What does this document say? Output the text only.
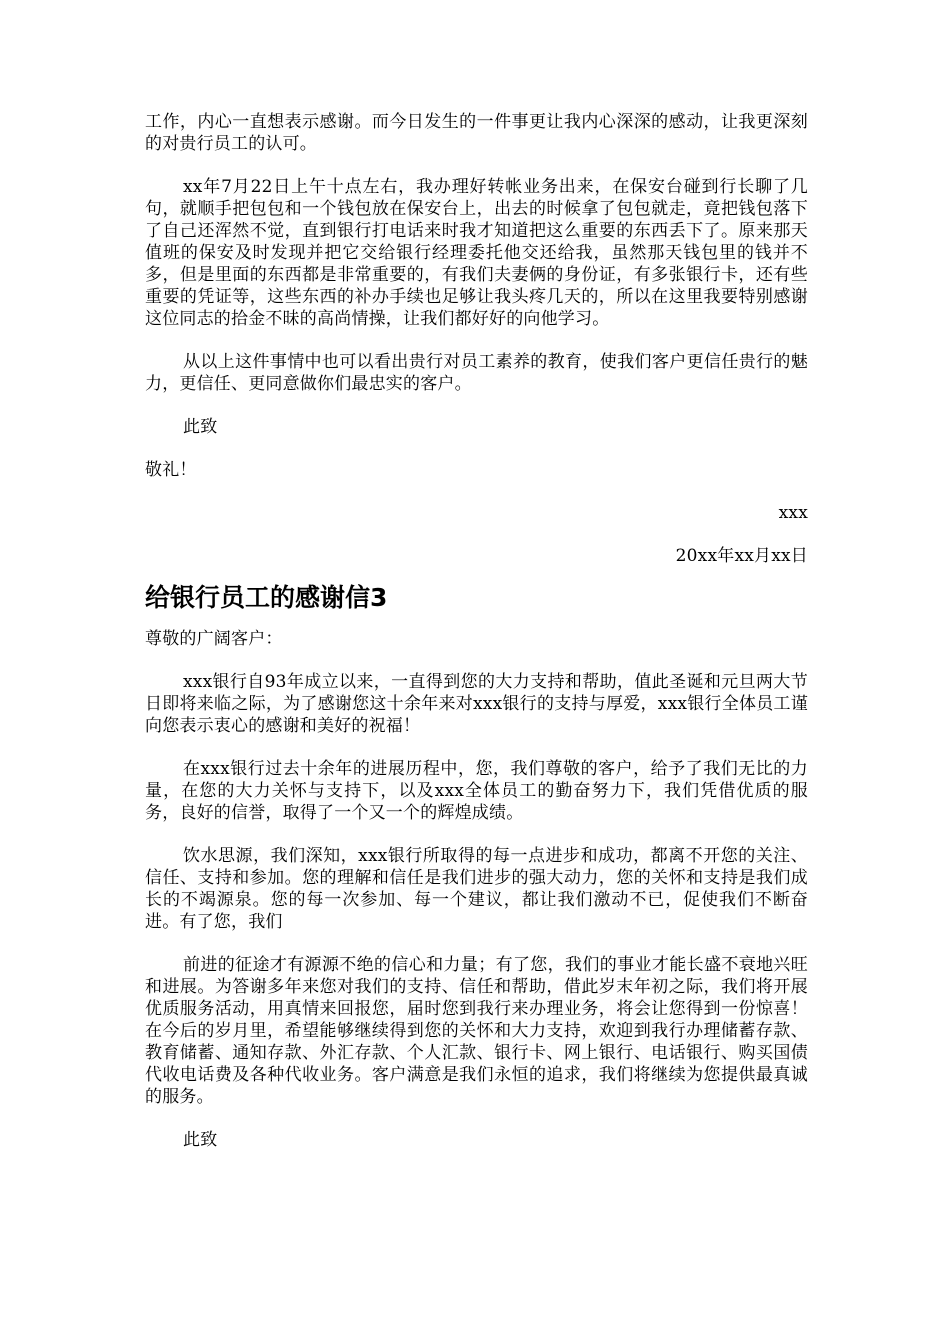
工作，内心一直想表示感谢。而今日发生的一件事更让我内心深深的感动，让我更深刻的对贵行员工的认可。

xx年7月22日上午十点左右，我办理好转帐业务出来，在保安台碰到行长聊了几句，就顺手把包包和一个钱包放在保安台上，出去的时候拿了包包就走，竟把钱包落下了自己还浑然不觉，直到银行打电话来时我才知道把这么重要的东西丢下了。原来那天值班的保安及时发现并把它交给银行经理委托他交还给我，虽然那天钱包里的钱并不多，但是里面的东西都是非常重要的，有我们夫妻俩的身份证，有多张银行卡，还有些重要的凭证等，这些东西的补办手续也足够让我头疼几天的，所以在这里我要特别感谢这位同志的拾金不昧的高尚情操，让我们都好好的向他学习。

从以上这件事情中也可以看出贵行对员工素养的教育，使我们客户更信任贵行的魅力，更信任、更同意做你们最忠实的客户。

此致

敬礼！

xxx

20xx年xx月xx日

给银行员工的感谢信3

尊敬的广阔客户：

xxx银行自93年成立以来，一直得到您的大力支持和帮助，值此圣诞和元旦两大节日即将来临之际，为了感谢您这十余年来对xxx银行的支持与厚爱，xxx银行全体员工谨向您表示衷心的感谢和美好的祝福！

在xxx银行过去十余年的进展历程中，您，我们尊敬的客户，给予了我们无比的力量，在您的大力关怀与支持下，以及xxx全体员工的勤奋努力下，我们凭借优质的服务，良好的信誉，取得了一个又一个的辉煌成绩。

饮水思源，我们深知，xxx银行所取得的每一点进步和成功，都离不开您的关注、信任、支持和参加。您的理解和信任是我们进步的强大动力，您的关怀和支持是我们成长的不竭源泉。您的每一次参加、每一个建议，都让我们激动不已，促使我们不断奋进。有了您，我们

前进的征途才有源源不绝的信心和力量；有了您，我们的事业才能长盛不衰地兴旺和进展。为答谢多年来您对我们的支持、信任和帮助，借此岁末年初之际，我们将开展优质服务活动，用真情来回报您，届时您到我行来办理业务，将会让您得到一份惊喜！在今后的岁月里，希望能够继续得到您的关怀和大力支持，欢迎到我行办理储蓄存款、教育储蓄、通知存款、外汇存款、个人汇款、银行卡、网上银行、电话银行、购买国债代收电话费及各种代收业务。客户满意是我们永恒的追求，我们将继续为您提供最真诚的服务。

此致
